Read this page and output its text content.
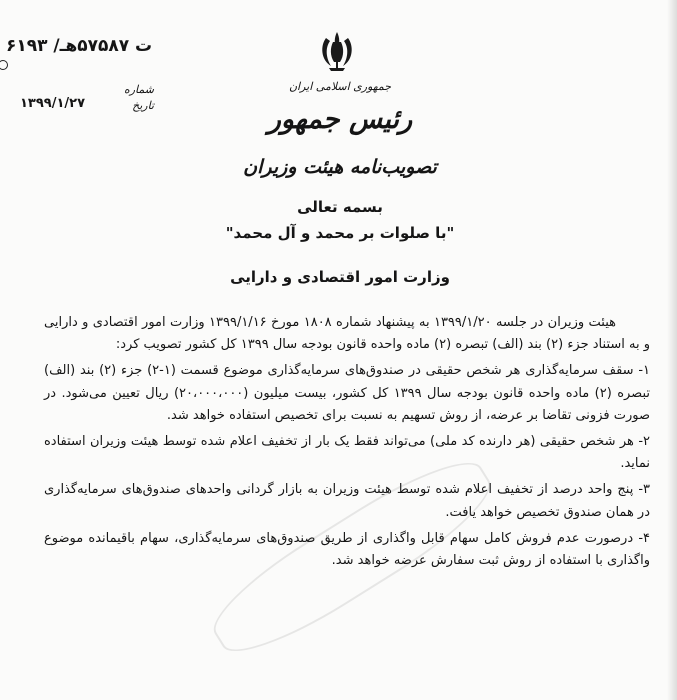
۶۱۹۳ /ت ۵۷۵۸۷هـ
شماره
تاریخ
۱۳۹۹/۱/۲۷
جمهوری اسلامی ایران
رئیس جمهور
تصویب‌نامه هیئت وزیران
بسمه تعالی
"با صلوات بر محمد و آل محمد"
وزارت امور اقتصادی و دارایی

هیئت وزیران در جلسه ۱۳۹۹/۱/۲۰ به پیشنهاد شماره ۱۸۰۸ مورخ ۱۳۹۹/۱/۱۶ وزارت امور اقتصادی و دارایی و به استناد جزء (۲) بند (الف) تبصره (۲) ماده واحده قانون بودجه سال ۱۳۹۹ کل کشور تصویب کرد:

۱- سقف سرمایه‌گذاری هر شخص حقیقی در صندوق‌های سرمایه‌گذاری موضوع قسمت (۱-۲) جزء (۲) بند (الف) تبصره (۲) ماده واحده قانون بودجه سال ۱۳۹۹ کل کشور، بیست میلیون (۲۰،۰۰۰،۰۰۰) ریال تعیین می‌شود. در صورت فزونی تقاضا بر عرضه، از روش تسهیم به نسبت برای تخصیص استفاده خواهد شد.

۲- هر شخص حقیقی (هر دارنده کد ملی) می‌تواند فقط یک بار از تخفیف اعلام شده توسط هیئت وزیران استفاده نماید.

۳- پنج واحد درصد از تخفیف اعلام شده توسط هیئت وزیران به بازار گردانی واحدهای صندوق‌های سرمایه‌گذاری در همان صندوق تخصیص خواهد یافت.

۴- درصورت عدم فروش کامل سهام قابل واگذاری از طریق صندوق‌های سرمایه‌گذاری، سهام باقیمانده موضوع واگذاری با استفاده از روش ثبت سفارش عرضه خواهد شد.
